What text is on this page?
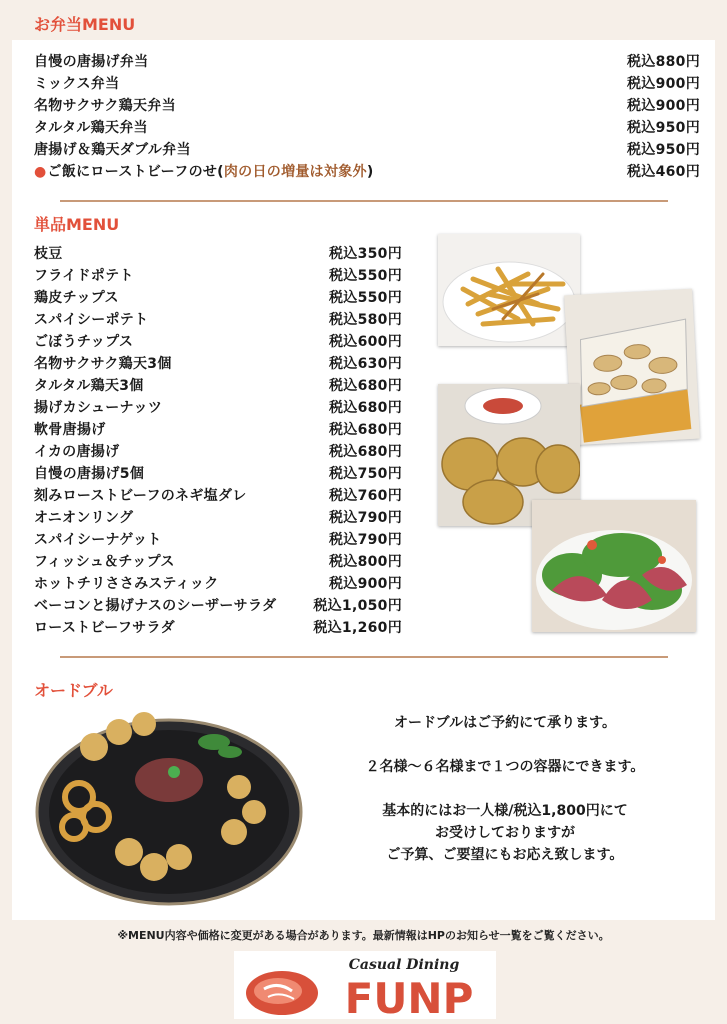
お弁当MENU
自慢の唐揚げ弁当	税込880円
ミックス弁当	税込900円
名物サクサク鶏天弁当	税込900円
タルタル鶏天弁当	税込950円
唐揚げ＆鶏天ダブル弁当	税込950円
●ご飯にローストビーフのせ(肉の日の増量は対象外)	税込460円
単品MENU
枝豆	税込350円
フライドポテト	税込550円
鶏皮チップス	税込550円
スパイシーポテト	税込580円
ごぼうチップス	税込600円
名物サクサク鶏天3個	税込630円
タルタル鶏天3個	税込680円
揚げカシューナッツ	税込680円
軟骨唐揚げ	税込680円
イカの唐揚げ	税込680円
自慢の唐揚げ5個	税込750円
刻みローストビーフのネギ塩ダレ	税込760円
オニオンリング	税込790円
スパイシーナゲット	税込790円
フィッシュ＆チップス	税込800円
ホットチリささみスティック	税込900円
ベーコンと揚げナスのシーザーサラダ	税込1,050円
ローストビーフサラダ	税込1,260円
オードブル

オードブルはご予約にて承ります。

２名様～６名様まで１つの容器にできます。

基本的にはお一人様/税込1,800円にて

お受けしておりますが

ご予算、ご要望にもお応え致します。

※MENU内容や価格に変更がある場合があります。最新情報はHPのお知らせ一覧をご覧ください。
Casual Dining
FUNP
